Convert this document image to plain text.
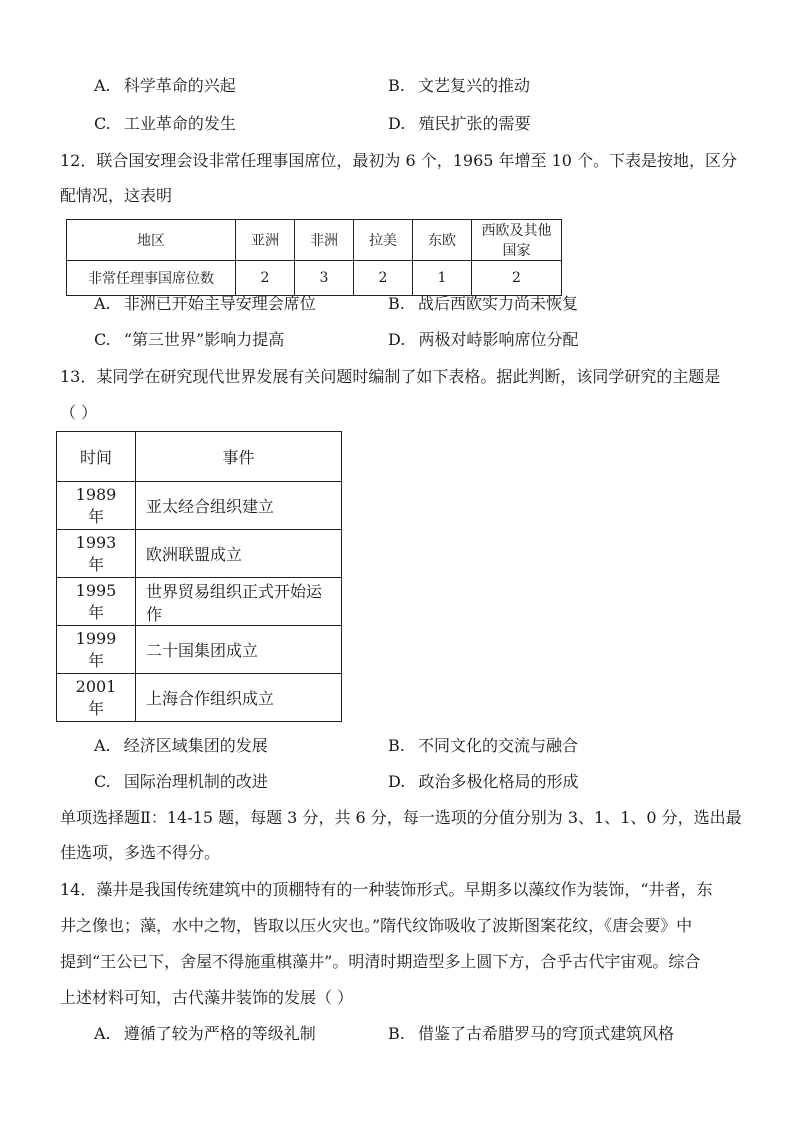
A. 科学革命的兴起	B. 文艺复兴的推动
C. 工业革命的发生	D. 殖民扩张的需要
12．联合国安理会设非常任理事国席位，最初为 6 个，1965 年增至 10 个。下表是按地，区分
配情况，这表明
地区	亚洲	非洲	拉美	东欧	西欧及其他国家
非常任理事国席位数	2	3	2	1	2
A. 非洲已开始主导安理会席位	B. 战后西欧实力尚未恢复
C. “第三世界”影响力提高	D. 两极对峙影响席位分配
13．某同学在研究现代世界发展有关问题时编制了如下表格。据此判断，该同学研究的主题是
（ ）
时间	事件
1989 年	亚太经合组织建立
1993 年	欧洲联盟成立
1995 年	世界贸易组织正式开始运作
1999 年	二十国集团成立
2001 年	上海合作组织成立
A. 经济区域集团的发展	B. 不同文化的交流与融合
C. 国际治理机制的改进	D. 政治多极化格局的形成
单项选择题Ⅱ：14-15 题，每题 3 分，共 6 分，每一选项的分值分别为 3、1、1、0 分，选出最
佳选项，多选不得分。
14．藻井是我国传统建筑中的顶棚特有的一种装饰形式。早期多以藻纹作为装饰，“井者，东
井之像也；藻，水中之物，皆取以压火灾也。”隋代纹饰吸收了波斯图案花纹，《唐会要》中
提到“王公已下，舍屋不得施重棋藻井”。明清时期造型多上圆下方，合乎古代宇宙观。综合
上述材料可知，古代藻井装饰的发展（ ）
A. 遵循了较为严格的等级礼制	B. 借鉴了古希腊罗马的穹顶式建筑风格
